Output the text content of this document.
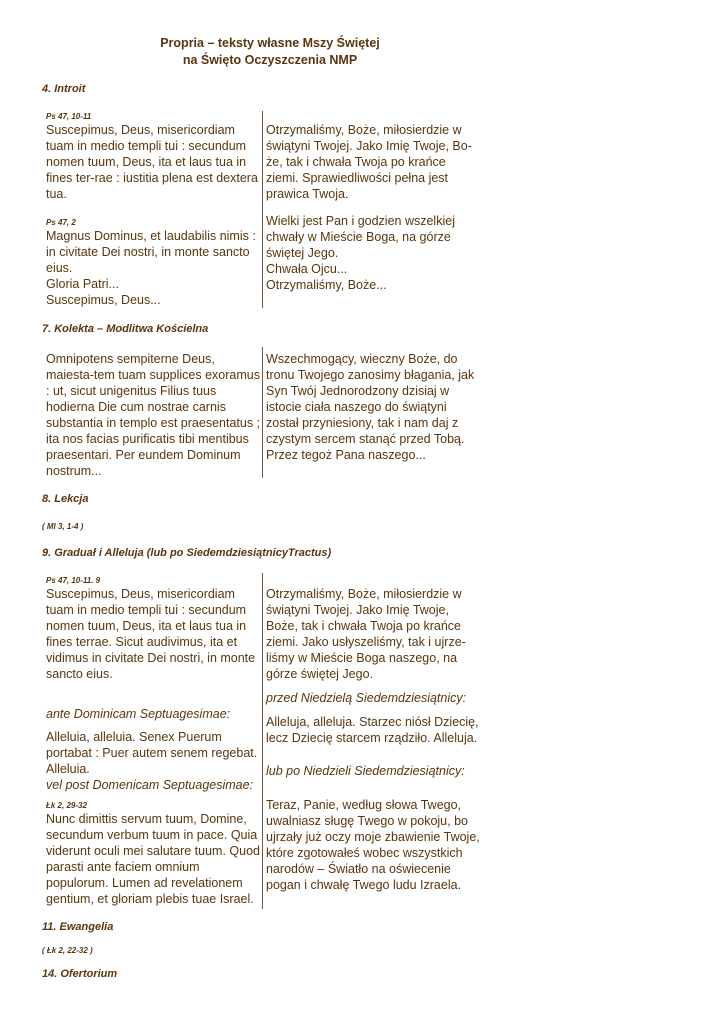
Propria – teksty własne Mszy Świętej
na Święto Oczyszczenia NMP
4. Introit
Ps 47, 10-11
Suscepimus, Deus, misericordiam
tuam in medio templi tui : secundum
nomen tuum, Deus, ita et laus tua in
fines ter-rae : iustitia plena est dextera
tua.
Otrzymaliśmy, Boże, miłosierdzie w
świątyni Twojej. Jako Imię Twoje, Bo-
że, tak i chwała Twoja po krańce
ziemi. Sprawiedliwości pełna jest
prawica Twoja.
Ps 47, 2
Magnus Dominus, et laudabilis nimis :
in civitate Dei nostri, in monte sancto
eius.
Gloria Patri...
Suscepimus, Deus...
Wielki jest Pan i godzien wszelkiej
chwały w Mieście Boga, na górze
świętej Jego.
Chwała Ojcu...
Otrzymaliśmy, Boże...
7. Kolekta – Modlitwa Kościelna
Omnipotens sempiterne Deus,
maiesta-tem tuam supplices exoramus
: ut, sicut unigenitus Filius tuus
hodierna Die cum nostrae carnis
substantia in templo est praesentatus ;
ita nos facias purificatis tibi mentibus
praesentari. Per eundem Dominum
nostrum...
Wszechmogący, wieczny Boże, do
tronu Twojego zanosimy błagania, jak
Syn Twój Jednorodzony dzisiaj w
istocie ciała naszego do świątyni
został przyniesiony, tak i nam daj z
czystym sercem stanąć przed Tobą.
Przez tegoż Pana naszego...
8. Lekcja
( Ml 3, 1-4 )
9. Graduał i Alleluja (lub po SiedemdziesiątnicyTractus)
Ps 47, 10-11. 9
Suscepimus, Deus, misericordiam
tuam in medio templi tui : secundum
nomen tuum, Deus, ita et laus tua in
fines terrae. Sicut audivimus, ita et
vidimus in civitate Dei nostri, in monte
sancto eius.
Otrzymaliśmy, Boże, miłosierdzie w
świątyni Twojej. Jako Imię Twoje,
Boże, tak i chwała Twoja po krańce
ziemi. Jako usłyszeliśmy, tak i ujrze-
liśmy w Mieście Boga naszego, na
górze świętej Jego.
przed Niedzielą Siedemdziesiątnicy:
ante Dominicam Septuagesimae:
Alleluja, alleluja. Starzec niósł Dziecię,
lecz Dziecię starcem rządziło. Alleluja.
Alleluia, alleluia. Senex Puerum
portabat : Puer autem senem regebat.
Alleluia.	lub po Niedzieli Siedemdziesiątnicy:
vel post Domenicam Septuagesimae:
Łk 2, 29-32
Nunc dimittis servum tuum, Domine,
secundum verbum tuum in pace. Quia
viderunt oculi mei salutare tuum. Quod
parasti ante faciem omnium
populorum. Lumen ad revelationem
gentium, et gloriam plebis tuae Israel.
Teraz, Panie, według słowa Twego,
uwalniasz sługę Twego w pokoju, bo
ujrzały już oczy moje zbawienie Twoje,
które zgotowałeś wobec wszystkich
narodów – Światło na oświecenie
pogan i chwałę Twego ludu Izraela.
11. Ewangelia
( Łk 2, 22-32 )
14. Ofertorium
